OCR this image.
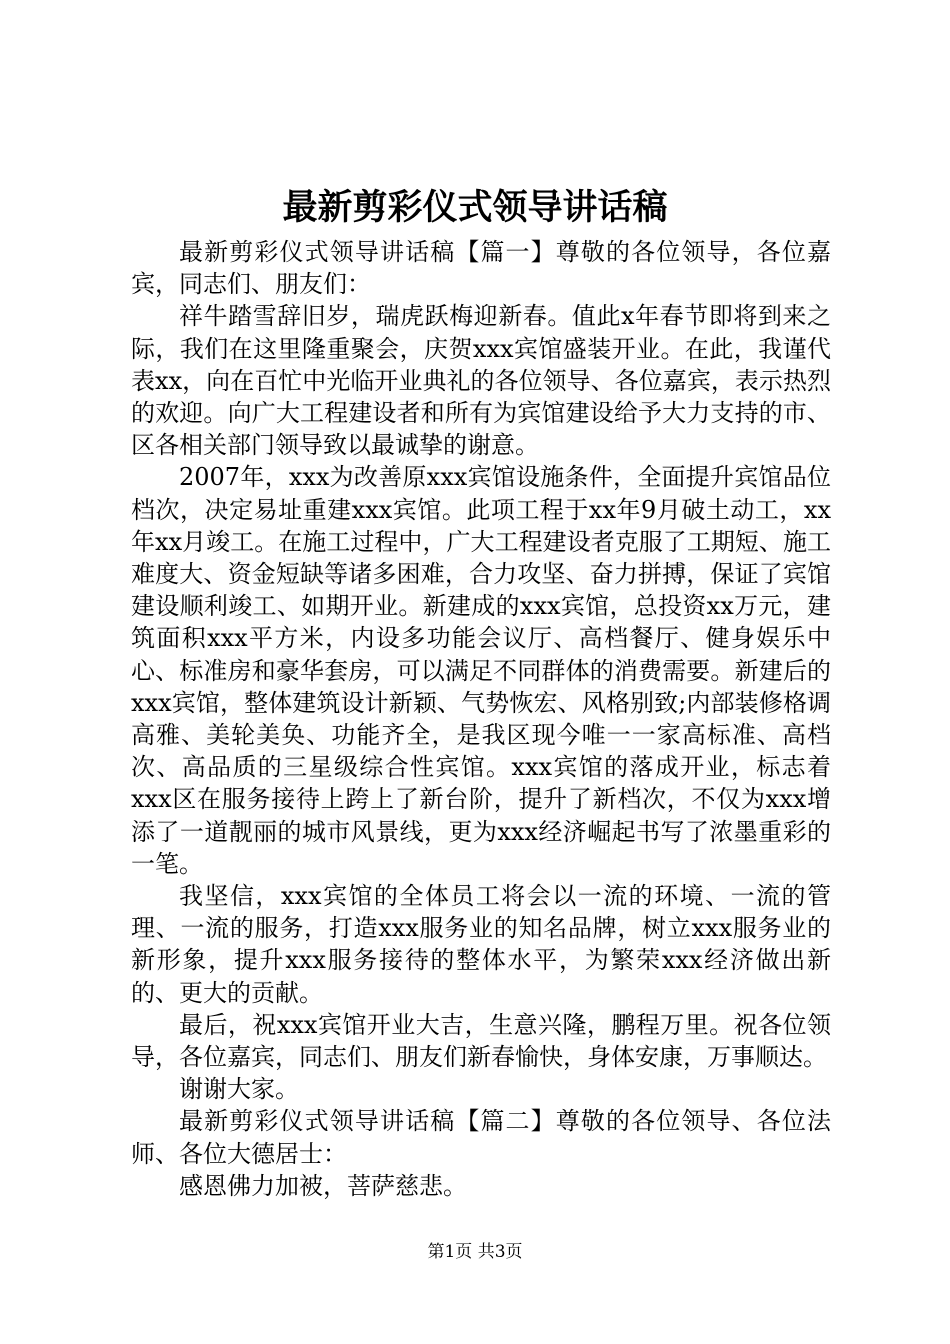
最新剪彩仪式领导讲话稿

最新剪彩仪式领导讲话稿【篇一】尊敬的各位领导，各位嘉宾，同志们、朋友们：

祥牛踏雪辞旧岁，瑞虎跃梅迎新春。值此x年春节即将到来之际，我们在这里隆重聚会，庆贺xxx宾馆盛装开业。在此，我谨代表xx，向在百忙中光临开业典礼的各位领导、各位嘉宾，表示热烈的欢迎。向广大工程建设者和所有为宾馆建设给予大力支持的市、区各相关部门领导致以最诚挚的谢意。

2007年，xxx为改善原xxx宾馆设施条件，全面提升宾馆品位档次，决定易址重建xxx宾馆。此项工程于xx年9月破土动工，xx年xx月竣工。在施工过程中，广大工程建设者克服了工期短、施工难度大、资金短缺等诸多困难，合力攻坚、奋力拼搏，保证了宾馆建设顺利竣工、如期开业。新建成的xxx宾馆，总投资xx万元，建筑面积xxx平方米，内设多功能会议厅、高档餐厅、健身娱乐中心、标准房和豪华套房，可以满足不同群体的消费需要。新建后的xxx宾馆，整体建筑设计新颖、气势恢宏、风格别致;内部装修格调高雅、美轮美奂、功能齐全，是我区现今唯一一家高标准、高档次、高品质的三星级综合性宾馆。xxx宾馆的落成开业，标志着xxx区在服务接待上跨上了新台阶，提升了新档次，不仅为xxx增添了一道靓丽的城市风景线，更为xxx经济崛起书写了浓墨重彩的一笔。

我坚信，xxx宾馆的全体员工将会以一流的环境、一流的管理、一流的服务，打造xxx服务业的知名品牌，树立xxx服务业的新形象，提升xxx服务接待的整体水平，为繁荣xxx经济做出新的、更大的贡献。

最后，祝xxx宾馆开业大吉，生意兴隆，鹏程万里。祝各位领导，各位嘉宾，同志们、朋友们新春愉快，身体安康，万事顺达。

谢谢大家。

最新剪彩仪式领导讲话稿【篇二】尊敬的各位领导、各位法师、各位大德居士：

感恩佛力加被，菩萨慈悲。

第1页 共3页
